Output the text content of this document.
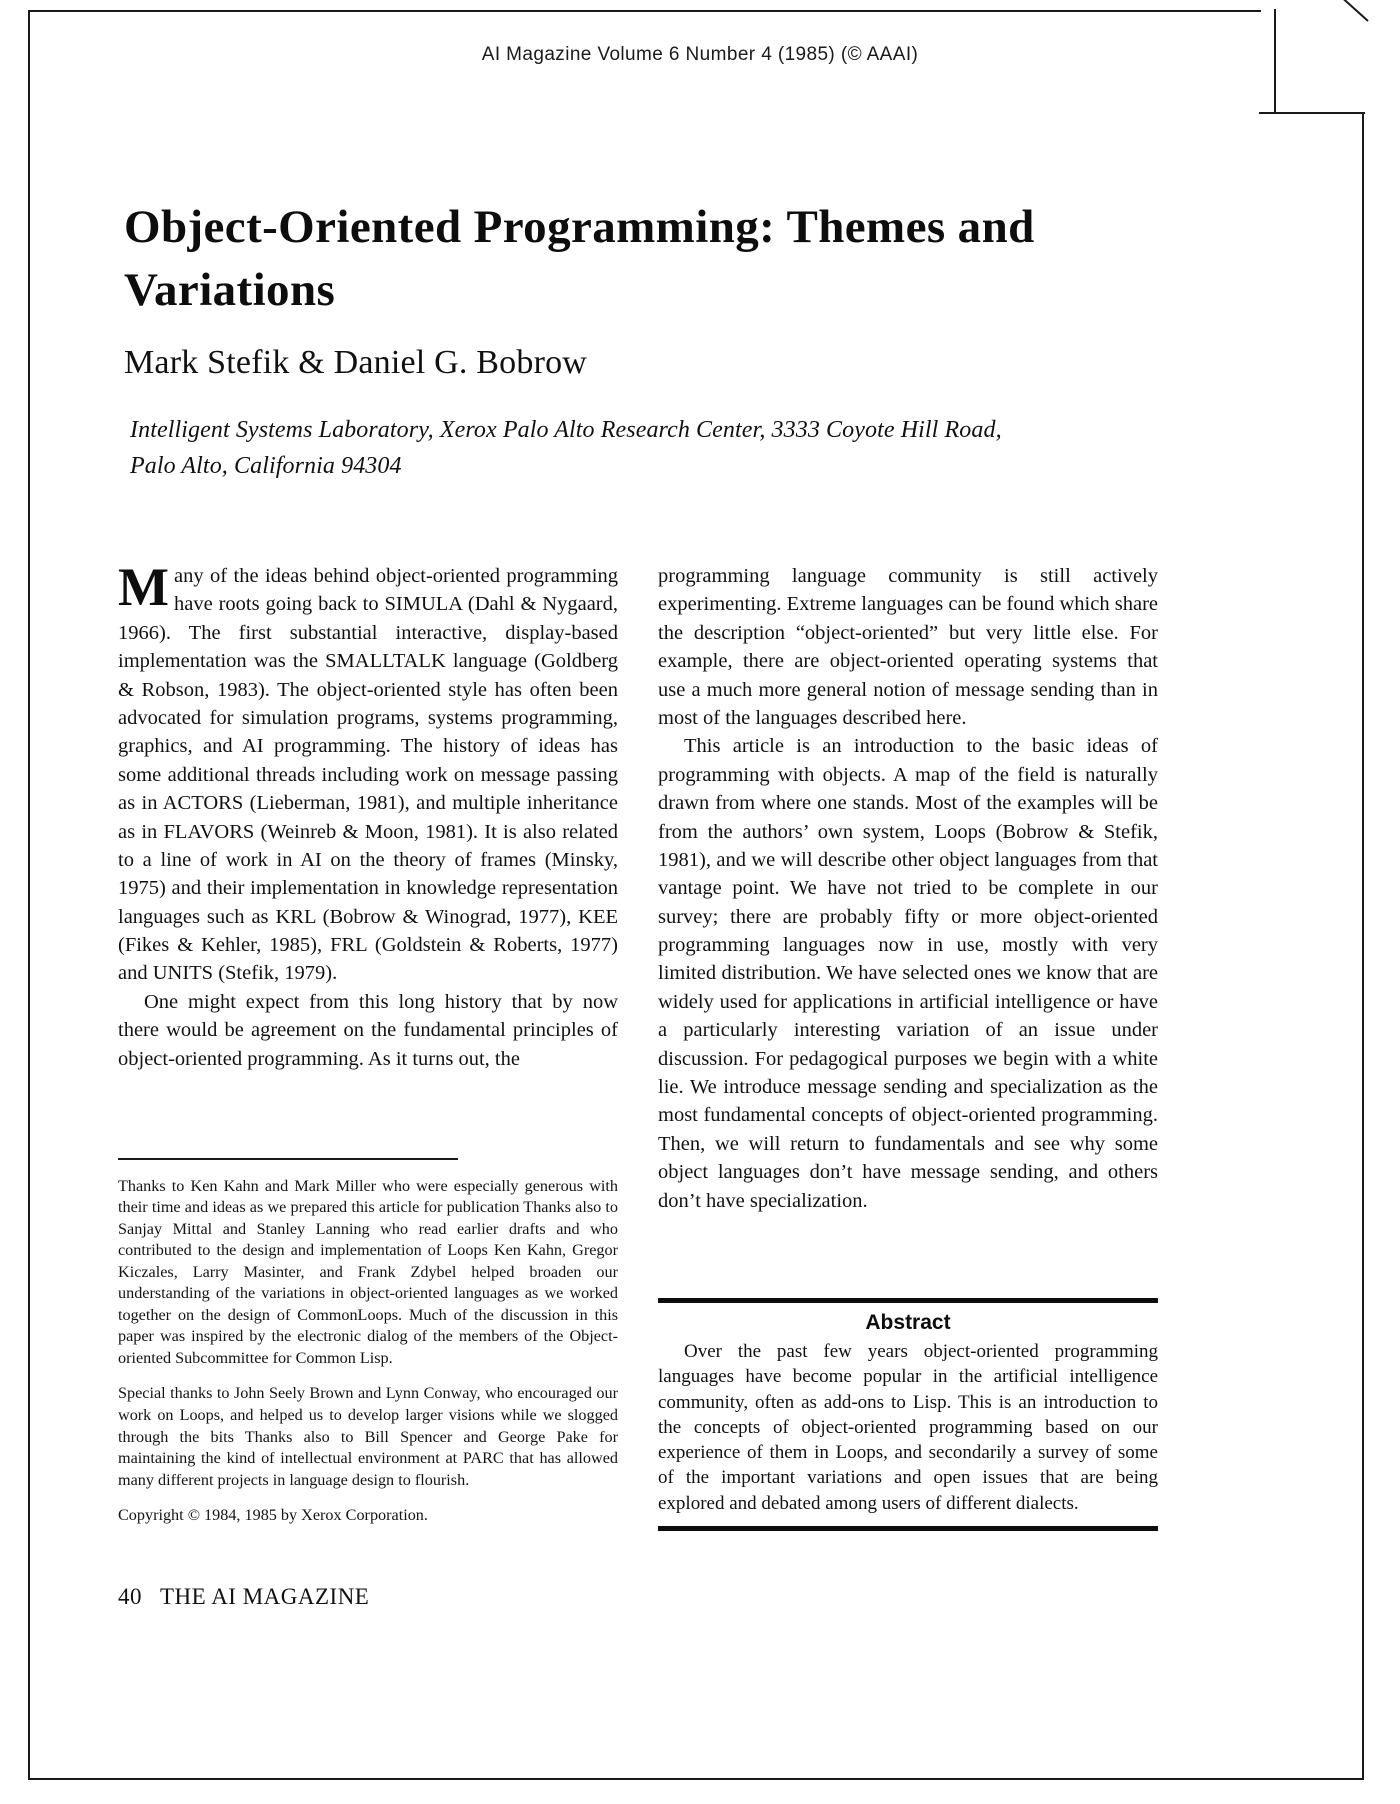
AI Magazine Volume 6 Number 4 (1985) (© AAAI)
Object-Oriented Programming: Themes and Variations
Mark Stefik & Daniel G. Bobrow
Intelligent Systems Laboratory, Xerox Palo Alto Research Center, 3333 Coyote Hill Road,
Palo Alto, California 94304

Many of the ideas behind object-oriented programming have roots going back to SIMULA (Dahl & Nygaard, 1966). The first substantial interactive, display-based implementation was the SMALLTALK language (Goldberg & Robson, 1983). The object-oriented style has often been advocated for simulation programs, systems programming, graphics, and AI programming. The history of ideas has some additional threads including work on message passing as in ACTORS (Lieberman, 1981), and multiple inheritance as in FLAVORS (Weinreb & Moon, 1981). It is also related to a line of work in AI on the theory of frames (Minsky, 1975) and their implementation in knowledge representation languages such as KRL (Bobrow & Winograd, 1977), KEE (Fikes & Kehler, 1985), FRL (Goldstein & Roberts, 1977) and UNITS (Stefik, 1979).

One might expect from this long history that by now there would be agreement on the fundamental principles of object-oriented programming. As it turns out, the

programming language community is still actively experimenting. Extreme languages can be found which share the description “object-oriented” but very little else. For example, there are object-oriented operating systems that use a much more general notion of message sending than in most of the languages described here.

This article is an introduction to the basic ideas of programming with objects. A map of the field is naturally drawn from where one stands. Most of the examples will be from the authors’ own system, Loops (Bobrow & Stefik, 1981), and we will describe other object languages from that vantage point. We have not tried to be complete in our survey; there are probably fifty or more object-oriented programming languages now in use, mostly with very limited distribution. We have selected ones we know that are widely used for applications in artificial intelligence or have a particularly interesting variation of an issue under discussion. For pedagogical purposes we begin with a white lie. We introduce message sending and specialization as the most fundamental concepts of object-oriented programming. Then, we will return to fundamentals and see why some object languages don’t have message sending, and others don’t have specialization.

Thanks to Ken Kahn and Mark Miller who were especially generous with their time and ideas as we prepared this article for publication Thanks also to Sanjay Mittal and Stanley Lanning who read earlier drafts and who contributed to the design and implementation of Loops Ken Kahn, Gregor Kiczales, Larry Masinter, and Frank Zdybel helped broaden our understanding of the variations in object-oriented languages as we worked together on the design of CommonLoops. Much of the discussion in this paper was inspired by the electronic dialog of the members of the Object-oriented Subcommittee for Common Lisp.

Special thanks to John Seely Brown and Lynn Conway, who encouraged our work on Loops, and helped us to develop larger visions while we slogged through the bits Thanks also to Bill Spencer and George Pake for maintaining the kind of intellectual environment at PARC that has allowed many different projects in language design to flourish.

Copyright © 1984, 1985 by Xerox Corporation.

Abstract

Over the past few years object-oriented programming languages have become popular in the artificial intelligence community, often as add-ons to Lisp. This is an introduction to the concepts of object-oriented programming based on our experience of them in Loops, and secondarily a survey of some of the important variations and open issues that are being explored and debated among users of different dialects.

40 THE AI MAGAZINE
